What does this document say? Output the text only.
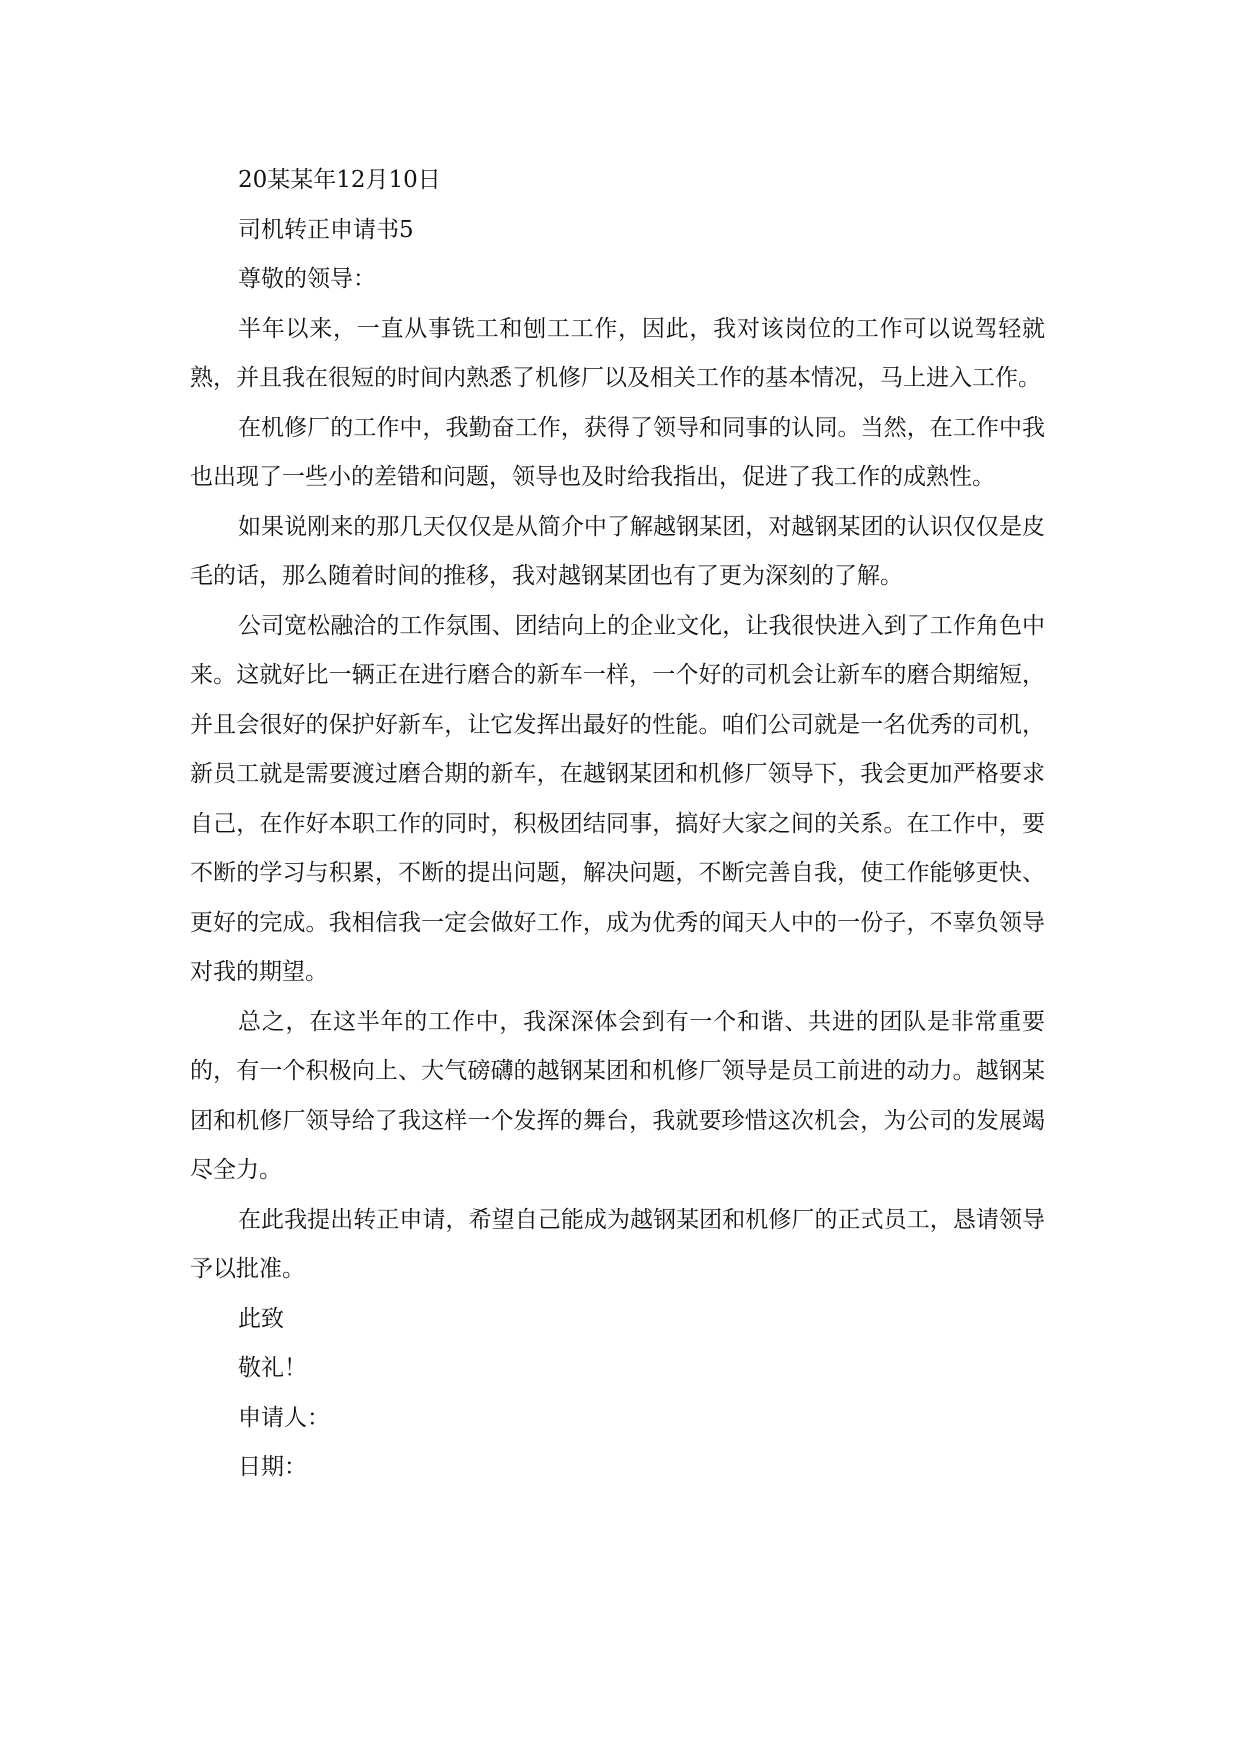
20某某年12月10日

司机转正申请书5

尊敬的领导：

半年以来，一直从事铣工和刨工工作，因此，我对该岗位的工作可以说驾轻就熟，并且我在很短的时间内熟悉了机修厂以及相关工作的基本情况，马上进入工作。

在机修厂的工作中，我勤奋工作，获得了领导和同事的认同。当然，在工作中我也出现了一些小的差错和问题，领导也及时给我指出，促进了我工作的成熟性。

如果说刚来的那几天仅仅是从简介中了解越钢某团，对越钢某团的认识仅仅是皮毛的话，那么随着时间的推移，我对越钢某团也有了更为深刻的了解。

公司宽松融洽的工作氛围、团结向上的企业文化，让我很快进入到了工作角色中来。这就好比一辆正在进行磨合的新车一样，一个好的司机会让新车的磨合期缩短，并且会很好的保护好新车，让它发挥出最好的性能。咱们公司就是一名优秀的司机，新员工就是需要渡过磨合期的新车，在越钢某团和机修厂领导下，我会更加严格要求自己，在作好本职工作的同时，积极团结同事，搞好大家之间的关系。在工作中，要不断的学习与积累，不断的提出问题，解决问题，不断完善自我，使工作能够更快、更好的完成。我相信我一定会做好工作，成为优秀的闻天人中的一份子，不辜负领导对我的期望。

总之，在这半年的工作中，我深深体会到有一个和谐、共进的团队是非常重要的，有一个积极向上、大气磅礴的越钢某团和机修厂领导是员工前进的动力。越钢某团和机修厂领导给了我这样一个发挥的舞台，我就要珍惜这次机会，为公司的发展竭尽全力。

在此我提出转正申请，希望自己能成为越钢某团和机修厂的正式员工，恳请领导予以批准。

此致

敬礼！

申请人：

日期：
